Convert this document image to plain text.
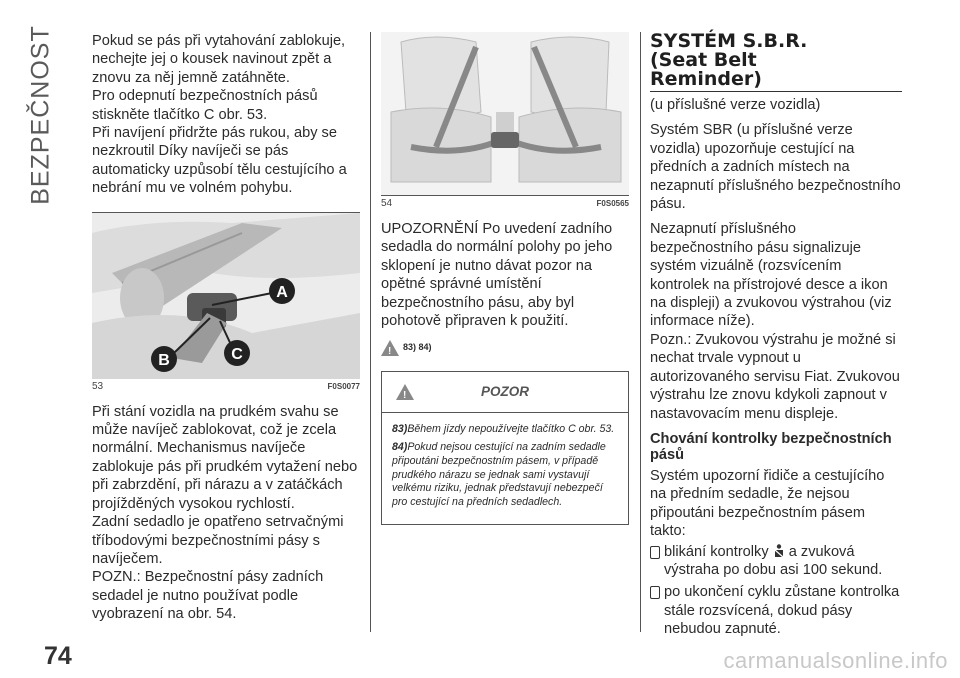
BEZPEČNOST	Pokud se pás při vytahování zablokuje, nechejte jej o kousek navinout zpět a znovu za něj jemně zatáhněte.

Pro odepnutí bezpečnostních pásů stiskněte tlačítko C obr. 53.

Při navíjení přidržte pás rukou, aby se nezkroutil Díky navíječi se pás automaticky uzpůsobí tělu cestujícího a nebrání mu ve volném pohybu.

A
B	C
53	F0S0077

Při stání vozidla na prudkém svahu se může navíječ zablokovat, což je zcela normální. Mechanismus navíječe zablokuje pás při prudkém vytažení nebo při zabrzdění, při nárazu a v zatáčkách projížděných vysokou rychlostí.

Zadní sedadlo je opatřeno setrvačnými tříbodovými bezpečnostními pásy s navíječem.

POZN.: Bezpečnostní pásy zadních sedadel je nutno používat podle vyobrazení na obr. 54.

54	F0S0565

UPOZORNĚNÍ Po uvedení zadního sedadla do normální polohy po jeho sklopení je nutno dávat pozor na opětné správné umístění bezpečnostního pásu, aby byl pohotově připraven k použití.

!
83) 84)
!
POZOR

83)Během jízdy nepoužívejte tlačítko C obr. 53.

84)Pokud nejsou cestující na zadním sedadle připoutáni bezpečnostním pásem, v případě prudkého nárazu se jednak sami vystavují velkému riziku, jednak představují nebezpečí pro cestující na předních sedadlech.

SYSTÉM S.B.R.
(Seat Belt
Reminder)

(u příslušné verze vozidla)

Systém SBR (u příslušné verze vozidla) upozorňuje cestující na předních a zadních místech na nezapnutí příslušného bezpečnostního pásu.

Nezapnutí příslušného bezpečnostního pásu signalizuje systém vizuálně (rozsvícením kontrolek na přístrojové desce a ikon na displeji) a zvukovou výstrahou (viz informace níže).

Pozn.: Zvukovou výstrahu je možné si nechat trvale vypnout u autorizovaného servisu Fiat. Zvukovou výstrahu lze znovu kdykoli zapnout v nastavovacím menu displeje.

Chování kontrolky bezpečnostních pásů

Systém upozorní řidiče a cestujícího na předním sedadle, že nejsou připoutáni bezpečnostním pásem takto:

blikání kontrolky a zvuková výstraha po dobu asi 100 sekund.
po ukončení cyklu zůstane kontrolka stále rozsvícená, dokud pásy nebudou zapnuté.
74	carmanualsonline.info
